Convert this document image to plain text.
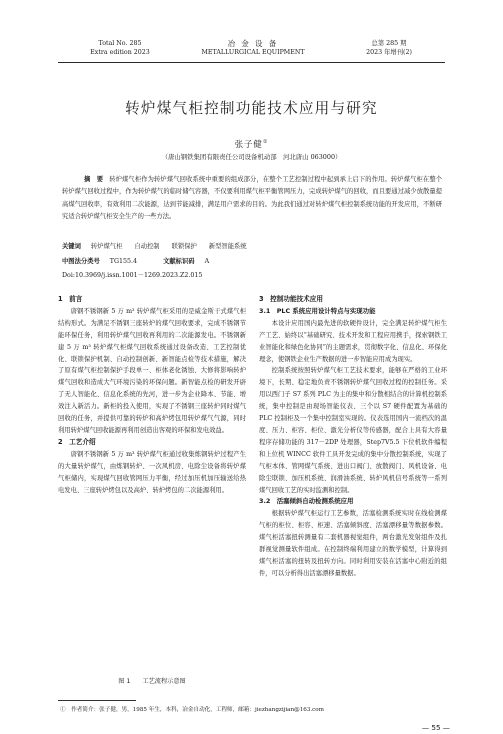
Total No. 285
Extra edition 2023
冶 金 设 备
METALLURGICAL EQUIPMENT
总第 285 期
2023 年增刊(2)
转炉煤气柜控制功能技术应用与研究
张子健①
（唐山钢铁集团有限责任公司设备机动部　河北唐山 063000）
摘　要 转炉煤气柜作为转炉煤气回收系统中重要的组成部分，在整个工艺控制过程中起到承上启下的作用。转炉煤气柜在整个转炉煤气回收过程中，作为转炉煤气的临时储气容器，不仅要利用煤气柜平衡管网压力，完成转炉煤气的回收，而且要通过减少放散量提高煤气回收率，有效利用二次能源，达到节能减排，满足用户需求的目的。为此我们通过对转炉煤气柜控制系统功能的开发应用，不断研究适合转炉煤气柜安全生产的一些方法。
关键词 转炉煤气柜 自动控制 联锁保护 新型智能系统
中图法分类号 TG155.4	文献标识码 A
Doi:10.3969/j.issn.1001－1269.2023.Z2.015

1　前言

唐钢不锈钢新 5 万 m³ 转炉煤气柜采用的是威金斯干式煤气柜结构形式。为满足不锈钢三座转炉的煤气回收要求，完成不锈钢节能环保任务，利用转炉煤气回收再利用的二次能源发电。不锈钢新建 5 万 m³ 转炉煤气柜煤气回收系统通过设备改造、工艺控制优化、联锁保护机制、自动控制创新、新智能点检等技术措施，解决了原有煤气柜控制保护手段单一、柜体老化锈蚀、大修将影响转炉煤气回收和造成大气环境污染的环保问题。新智能点检的研发开辟了无人智能化、信息化系统的先河，进一步为企业降本、节能、增效注入新活力。新柜的投入使用，实现了不锈钢三座转炉同时煤气回收的任务，并提供可靠的转炉和高炉烤包用转炉煤气气源，同时利用转炉煤气回收能源再利用创造出客观的环保和发电效益。

2　工艺介绍

唐钢不锈钢新 5 万 m³ 转炉煤气柜通过收集炼钢转炉过程产生的大量转炉煤气，由炼钢转炉、一次风机房、电除尘设备将转炉煤气柜储内，实现煤气回收管网压力平衡，经过加压机加压输送给热电发电、三座转炉烤包以及高炉、转炉烤包的二次能源利用。

图 1 工艺流程示意图

3　控制功能技术应用

3.1　PLC 系统应用设计特点与实现功能

本设计应用国内最先进的软硬件设计，完全满足转炉煤气柜生产工艺、始终以“基础研究、技术开发和工程应用携手，探索钢铁工业智能化和绿色化协同”的主题需求，贯彻数字化、信息化、环保化理念，使钢铁企业生产数据的进一步智能应用成为现实。

控制系统按照转炉煤气柜工艺技术要求，能够在严格的工业环境下，长期、稳定地负责不锈钢转炉煤气回收过程的控制任务。采用以西门子 S7 系列 PLC 为主的集中和分散相结合的计算机控制系统，集中控制是由现场智能仪表、三个以 S7 硬件配置为基础的 PLC 控制柜及一个集中控制室实现的。仪表选用国内一流档次的温度、压力、柜容、柜位、激光分析仪等传感器，配合上具有大容量程序存储功能的 317－2DP 处理器，Step7V5.5 下位机软件编程和上位机 WINCC 软件工具开发完成的集中分散控制系统，实现了气柜本体、管网煤气系统、进出口阀门、放散阀门、风机设备、电除尘联锁、加压机系统、润滑油系统、转炉风机信号系统等一系列煤气回收工艺的实时监测和控制。

3.2　活塞倾斜自动检测系统应用

根据转炉煤气柜运行工艺参数，活塞检测系统实时在线检测煤气柜的柜位、柜容、柜速、活塞倾斜度、活塞漂移量等数据参数。煤气柜活塞扭转测量有二套机器视觉组件，两台激光发射组件及扎群视觉测量软件组成。在控制终端利用建立的数学模型，计算得到煤气柜活塞的扭转及扭转方向。同时利用安装在活塞中心附近的组件，可以分析得出活塞漂移量数据。

①　作者简介：张子健，男，1985 年生，本科，冶金自动化，工程师，邮箱：jiezhangzijian@163.com
— 55 —
